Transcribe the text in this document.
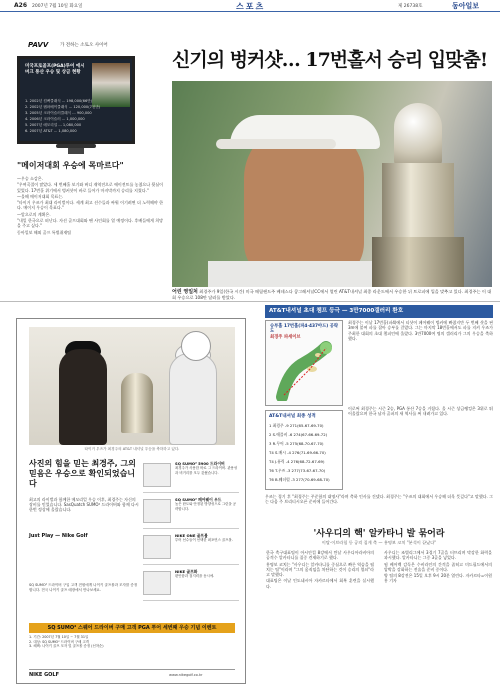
A26 2007년 7월 10일 화요일	스포츠	제 26738호	동아일보
PAVV	가 전하는 소토오 사이어
미국프로골프(PGA)투어 애시버크 통산 우승 및 상금 현황
1. 2002년 컴팩클래식 ... 198,000(66만)
2. 2002년 템파베이클래식 ... 120,000(7천만)
3. 2005년 크라이슬러클래식 ... 900,000
4. 2006년 크라이슬러 ... 1,000,000
5. 2007년 메모리얼 ... 1,080,000
6. 2007년 AT&T ... 1,080,000
"메이저대회 우승에 목마르다"

—우승 소감은.

"우여곡절이 많았다. 세 번째홀 보기와 버디 재역전으로 에이전트를 놓쳤으나 뒷심이 있었다. 17번홀 위기에서 벙커샷이 바로 들어가 마지막까지 승리를 지켰다."

—올해 메이저대회 목표는.

"타이거 우즈가 최대 라이벌이다. 세계 최고 선수들과 싸워 이기려면 더 노력해야 한다. 메이저 우승이 목표다."

—앞으로의 계획은.

"내일 한국으로 떠난다. 자선 골프대회와 팬 사인회를 열 예정이다. 후배들에게 희망을 주고 싶다."

동아일보 해외 골프 특별취재팀

신기의 벙커샷… 17번홀서 승리 입맞춤!
어린 영일처 최경주가 9일(한국 시간) 미국 메릴랜드주 베데스다 콩그레셔널CC에서 열린 AT&T내셔널 최종 라운드에서 우승한 뒤 트로피에 입을 맞추고 있다. 최경주는 이 대회 우승으로 108만 달러를 받았다.
AT&T내셔널 초대 챔프 등극 — 3만7000갤러리 환호
승부홀 17번홀(파4·437야드) 공략도
최경주 파세이브

최경주는 이날 17번홀(파4)에서 티샷이 페어웨이 벙커에 빠졌지만 두 번째 샷을 핀 3m에 붙여 파를 잡아 승부를 갈랐다. 그는 마지막 18번홀에서도 파를 지켜 우즈가 주최한 대회의 초대 챔피언에 올랐다. 3만7000여 명의 갤러리가 그의 우승을 축하했다.

AT&T내셔널 최종 성적
1 최경주 -9 271(65-67-69-70)
2 S.애플비 -6 274(67-66-69-72)
3 R.무어 -5 275(68-70-67-70)
T4 S.매시 -4 276(71-69-66-70)
T4 J.퓨릭 -4 276(68-72-67-69)
T6 T.우즈 -3 277(73-67-67-70)
T6 B.웨더럴 -3 277(70-69-68-70)

이로써 최경주는 시즌 2승, PGA 통산 7승을 거뒀다. 올 시즌 상금랭킹은 3위로 뛰어올랐으며 한국 남자 골퍼의 새 역사를 써 내려가고 있다.

우즈는 경기 후 "최경주는 꾸준함의 대명사"라며 축하 인사를 건넸다. 최경주는 "우즈의 대회에서 우승해 더욱 뜻깊다"고 말했다. 그는 다음 주 브리티시오픈 준비에 들어간다.

타이거 우즈가 최경주의 AT&T 내셔널 우승을 축하하고 있다.
사진의 힘을 믿는 최경주, 그의 믿음은 우승으로 확인되었습니다
최고의 라이벌과 함께한 메모리얼 우승 이후, 최경주는 자신의 장비를 믿었습니다. SasQuatch SUMO² 드라이버와 함께 다시 한번 정상에 올랐습니다.
Just Play — Nike Golf
SQ SUMO² 5900 드라이버
최경주가 사용한 바로 그 드라이버. 관용성과 비거리를 모두 갖췄습니다.
SQ SUMO² 페어웨이 우드
높은 탄도와 안정된 방향성으로 그린을 공략합니다.
NIKE ONE 골프볼
투어 선수들이 선택한 퍼포먼스 골프볼.
NIKE 골프화
편안함과 접지력을 동시에.
SQ SUMO² 드라이버 구입 고객 전원에게 나이키 골프볼과 모자를 증정합니다. 전국 나이키 골프 매장에서 만나보세요.
SQ SUMO² 스퀘어 드라이버 구매 고객 PGA 투어 세번째 우승 기념 이벤트
1. 기간: 2007년 7월 10일 ~ 7월 31일
2. 대상: SQ SUMO² 드라이버 구매 고객
3. 혜택: 나이키 골프 모자 및 골프볼 증정 (선착순)
NIKE GOLF	www.nikegolf.co.kr
'사우디의 핵' 알카타니 발 묶어라
이탈·이브라힘 등 공격 집게 축 — 홍명보 코치 "분석이 끝났다"

한국 축구대표팀이 아시안컵 8강에서 만날 사우디아라비아의 공격수 알카타니를 집중 견제하기로 했다.

홍명보 코치는 "사우디는 알카타니를 중심으로 빠른 역습을 펼치는 팀"이라며 "그의 움직임을 차단하는 것이 승리의 열쇠"라고 말했다.

대표팀은 이날 인도네시아 자카르타에서 회복 훈련을 실시했다.

사우디는 조별리그에서 3경기 7골을 터뜨리며 막강한 화력을 과시했다. 알카타니는 그중 3골을 넣었다.

핌 베어벡 감독은 수비라인의 간격을 좁히고 미드필드에서의 압박을 강화하는 전술을 준비 중이다.

양 팀의 8강전은 15일 오후 9시 20분 열린다. 자카르타=이원홍 기자
